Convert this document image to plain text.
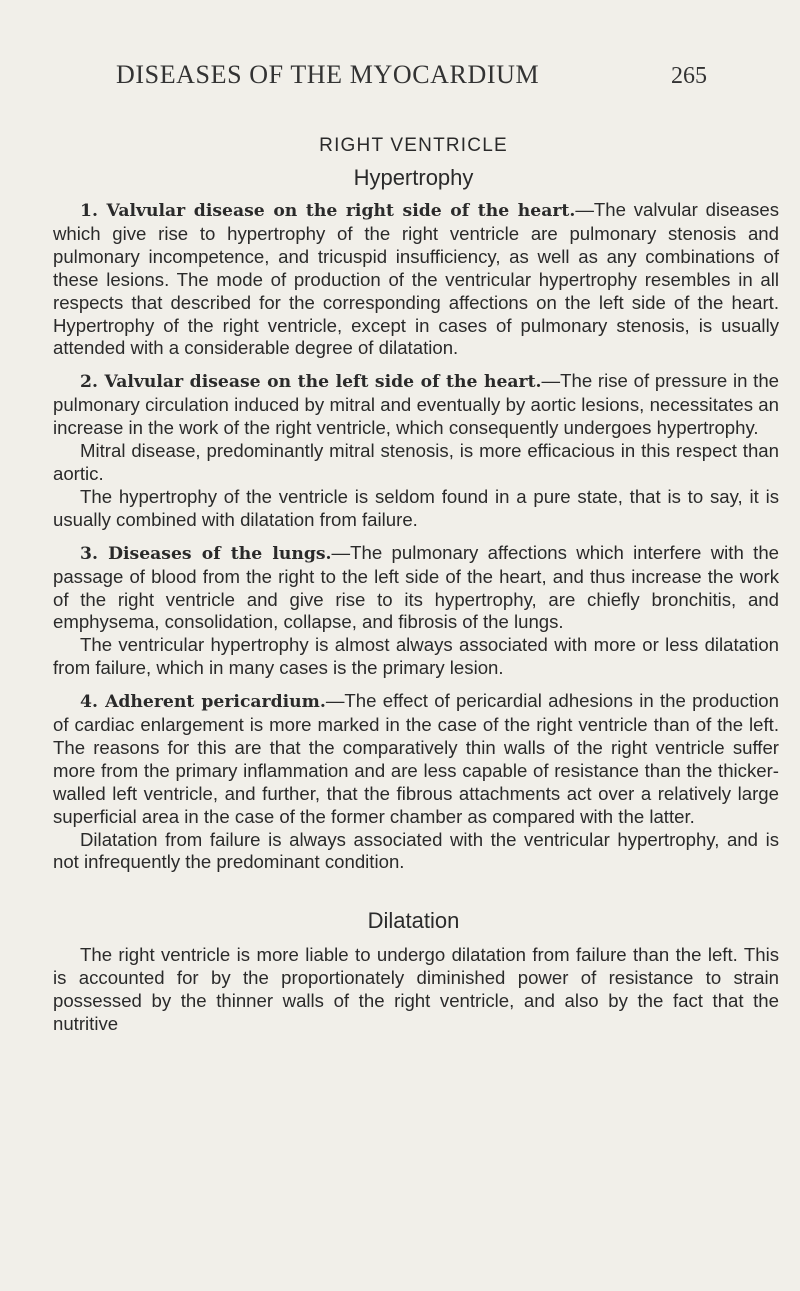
DISEASES OF THE MYOCARDIUM	265
RIGHT VENTRICLE
Hypertrophy

1. Valvular disease on the right side of the heart.—The valvular diseases which give rise to hypertrophy of the right ventricle are pulmonary stenosis and pulmonary incompetence, and tricuspid insufficiency, as well as any combinations of these lesions. The mode of production of the ventricular hypertrophy resembles in all respects that described for the corresponding affections on the left side of the heart. Hypertrophy of the right ventricle, except in cases of pulmonary stenosis, is usually attended with a considerable degree of dilatation.

2. Valvular disease on the left side of the heart.—The rise of pressure in the pulmonary circulation induced by mitral and eventually by aortic lesions, necessitates an increase in the work of the right ventricle, which consequently undergoes hypertrophy.

Mitral disease, predominantly mitral stenosis, is more efficacious in this respect than aortic.

The hypertrophy of the ventricle is seldom found in a pure state, that is to say, it is usually combined with dilatation from failure.

3. Diseases of the lungs.—The pulmonary affections which interfere with the passage of blood from the right to the left side of the heart, and thus increase the work of the right ventricle and give rise to its hypertrophy, are chiefly bronchitis, and emphysema, consolidation, collapse, and fibrosis of the lungs.

The ventricular hypertrophy is almost always associated with more or less dilatation from failure, which in many cases is the primary lesion.

4. Adherent pericardium.—The effect of pericardial adhesions in the production of cardiac enlargement is more marked in the case of the right ventricle than of the left. The reasons for this are that the comparatively thin walls of the right ventricle suffer more from the primary inflammation and are less capable of resistance than the thicker-walled left ventricle, and further, that the fibrous attachments act over a relatively large superficial area in the case of the former chamber as compared with the latter.

Dilatation from failure is always associated with the ventricular hypertrophy, and is not infrequently the predominant condition.

Dilatation

The right ventricle is more liable to undergo dilatation from failure than the left. This is accounted for by the proportionately diminished power of resistance to strain possessed by the thinner walls of the right ventricle, and also by the fact that the nutritive
